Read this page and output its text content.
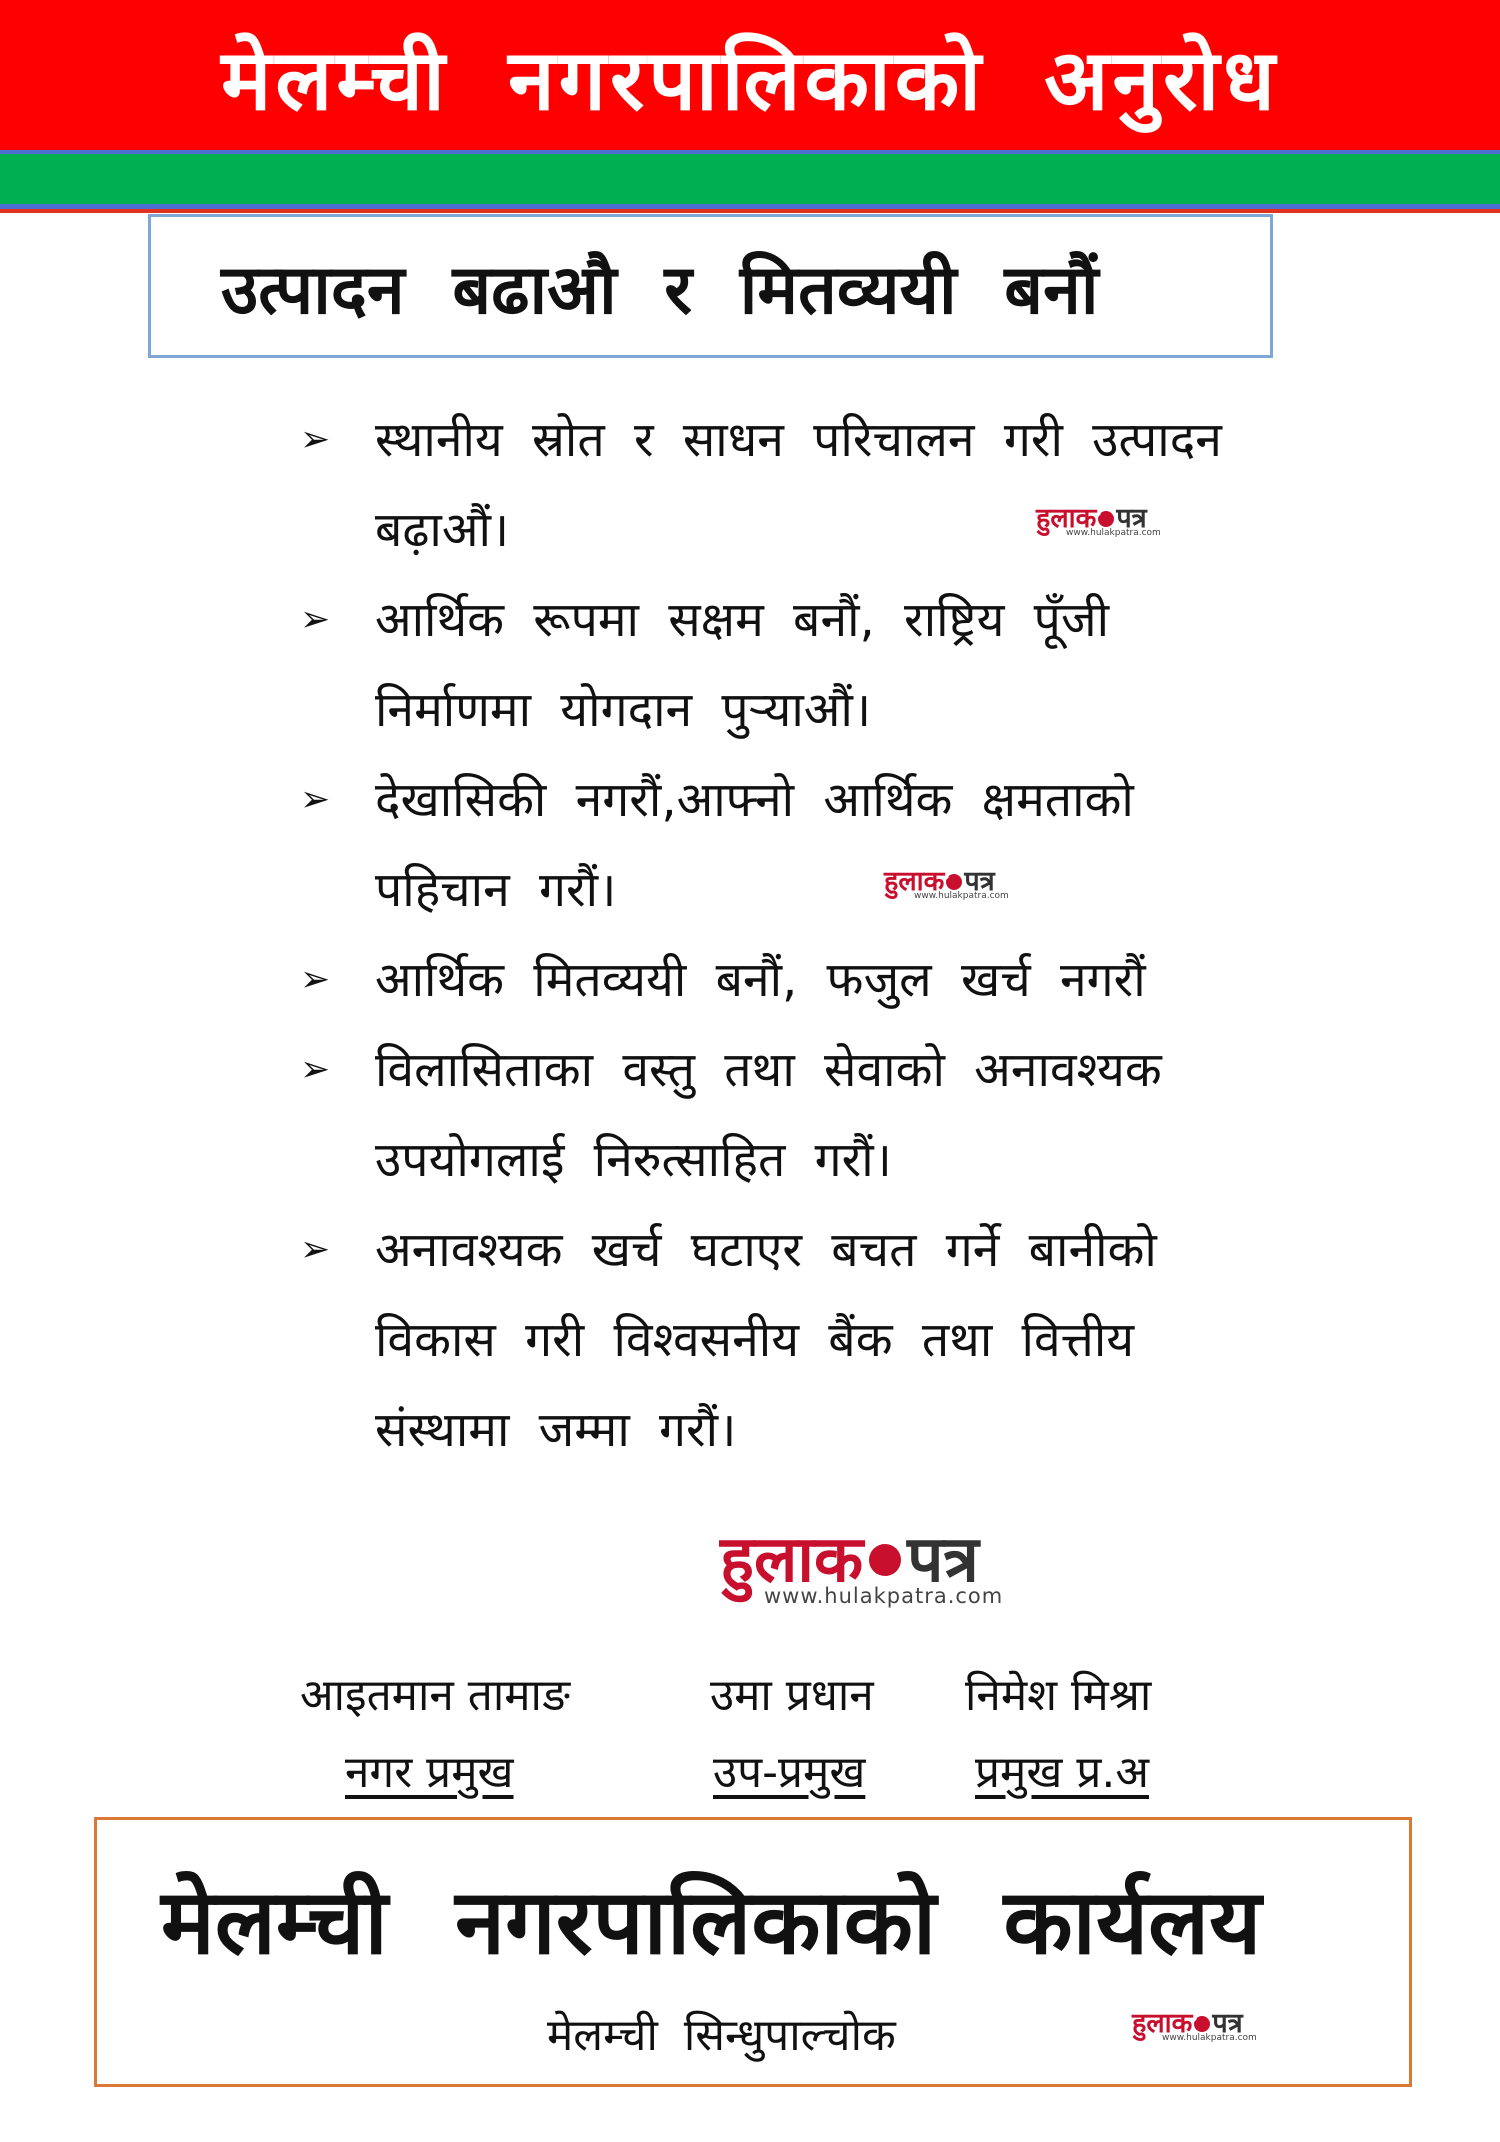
मेलम्ची नगरपालिकाको अनुरोध
उत्पादन बढाऔ र मितव्ययी बनौं
➢ स्थानीय स्रोत र साधन परिचालन गरी उत्पादन बढ़ाऔं।
➢ आर्थिक रूपमा सक्षम बनौं, राष्ट्रिय पूँजी निर्माणमा योगदान पुर्‍याऔं।
➢ देखासिकी नगरौं,आफ्नो आर्थिक क्षमताको पहिचान गरौं।
➢ आर्थिक मितव्ययी बनौं, फजुल खर्च नगरौं
➢ विलासिताका वस्तु तथा सेवाको अनावश्यक उपयोगलाई निरुत्साहित गरौं।
➢ अनावश्यक खर्च घटाएर बचत गर्ने बानीको विकास गरी विश्वसनीय बैंक तथा वित्तीय संस्थामा जम्मा गरौं।
हुलाक पत्र
www.hulakpatra.com
हुलाक पत्र
www.hulakpatra.com
हुलाक पत्र
www.hulakpatra.com
आइतमान तामाङ	उमा प्रधान	निमेश मिश्रा
नगर प्रमुख	उप-प्रमुख	प्रमुख प्र.अ
मेलम्ची नगरपालिकाको कार्यलय
मेलम्ची सिन्धुपाल्चोक	हुलाक पत्र
www.hulakpatra.com
